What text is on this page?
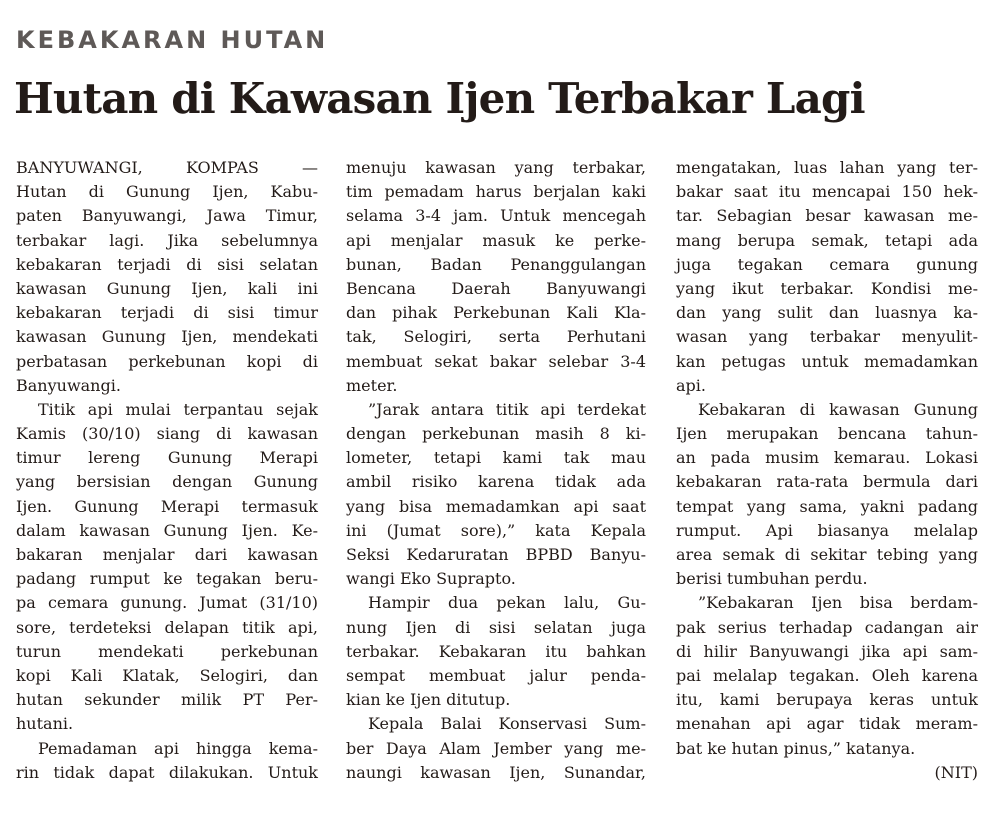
KEBAKARAN HUTAN
Hutan di Kawasan Ijen Terbakar Lagi
BANYUWANGI, KOMPAS —
Hutan di Gunung Ijen, Kabu-
paten Banyuwangi, Jawa Timur,
terbakar lagi. Jika sebelumnya
kebakaran terjadi di sisi selatan
kawasan Gunung Ijen, kali ini
kebakaran terjadi di sisi timur
kawasan Gunung Ijen, mendekati
perbatasan perkebunan kopi di
Banyuwangi.
Titik api mulai terpantau sejak
Kamis (30/10) siang di kawasan
timur lereng Gunung Merapi
yang bersisian dengan Gunung
Ijen. Gunung Merapi termasuk
dalam kawasan Gunung Ijen. Ke-
bakaran menjalar dari kawasan
padang rumput ke tegakan beru-
pa cemara gunung. Jumat (31/10)
sore, terdeteksi delapan titik api,
turun mendekati perkebunan
kopi Kali Klatak, Selogiri, dan
hutan sekunder milik PT Per-
hutani.
Pemadaman api hingga kema-
rin tidak dapat dilakukan. Untuk
menuju kawasan yang terbakar,
tim pemadam harus berjalan kaki
selama 3-4 jam. Untuk mencegah
api menjalar masuk ke perke-
bunan, Badan Penanggulangan
Bencana Daerah Banyuwangi
dan pihak Perkebunan Kali Kla-
tak, Selogiri, serta Perhutani
membuat sekat bakar selebar 3-4
meter.
”Jarak antara titik api terdekat
dengan perkebunan masih 8 ki-
lometer, tetapi kami tak mau
ambil risiko karena tidak ada
yang bisa memadamkan api saat
ini (Jumat sore),” kata Kepala
Seksi Kedaruratan BPBD Banyu-
wangi Eko Suprapto.
Hampir dua pekan lalu, Gu-
nung Ijen di sisi selatan juga
terbakar. Kebakaran itu bahkan
sempat membuat jalur penda-
kian ke Ijen ditutup.
Kepala Balai Konservasi Sum-
ber Daya Alam Jember yang me-
naungi kawasan Ijen, Sunandar,
mengatakan, luas lahan yang ter-
bakar saat itu mencapai 150 hek-
tar. Sebagian besar kawasan me-
mang berupa semak, tetapi ada
juga tegakan cemara gunung
yang ikut terbakar. Kondisi me-
dan yang sulit dan luasnya ka-
wasan yang terbakar menyulit-
kan petugas untuk memadamkan
api.
Kebakaran di kawasan Gunung
Ijen merupakan bencana tahun-
an pada musim kemarau. Lokasi
kebakaran rata-rata bermula dari
tempat yang sama, yakni padang
rumput. Api biasanya melalap
area semak di sekitar tebing yang
berisi tumbuhan perdu.
”Kebakaran Ijen bisa berdam-
pak serius terhadap cadangan air
di hilir Banyuwangi jika api sam-
pai melalap tegakan. Oleh karena
itu, kami berupaya keras untuk
menahan api agar tidak meram-
bat ke hutan pinus,” katanya.
(NIT)
